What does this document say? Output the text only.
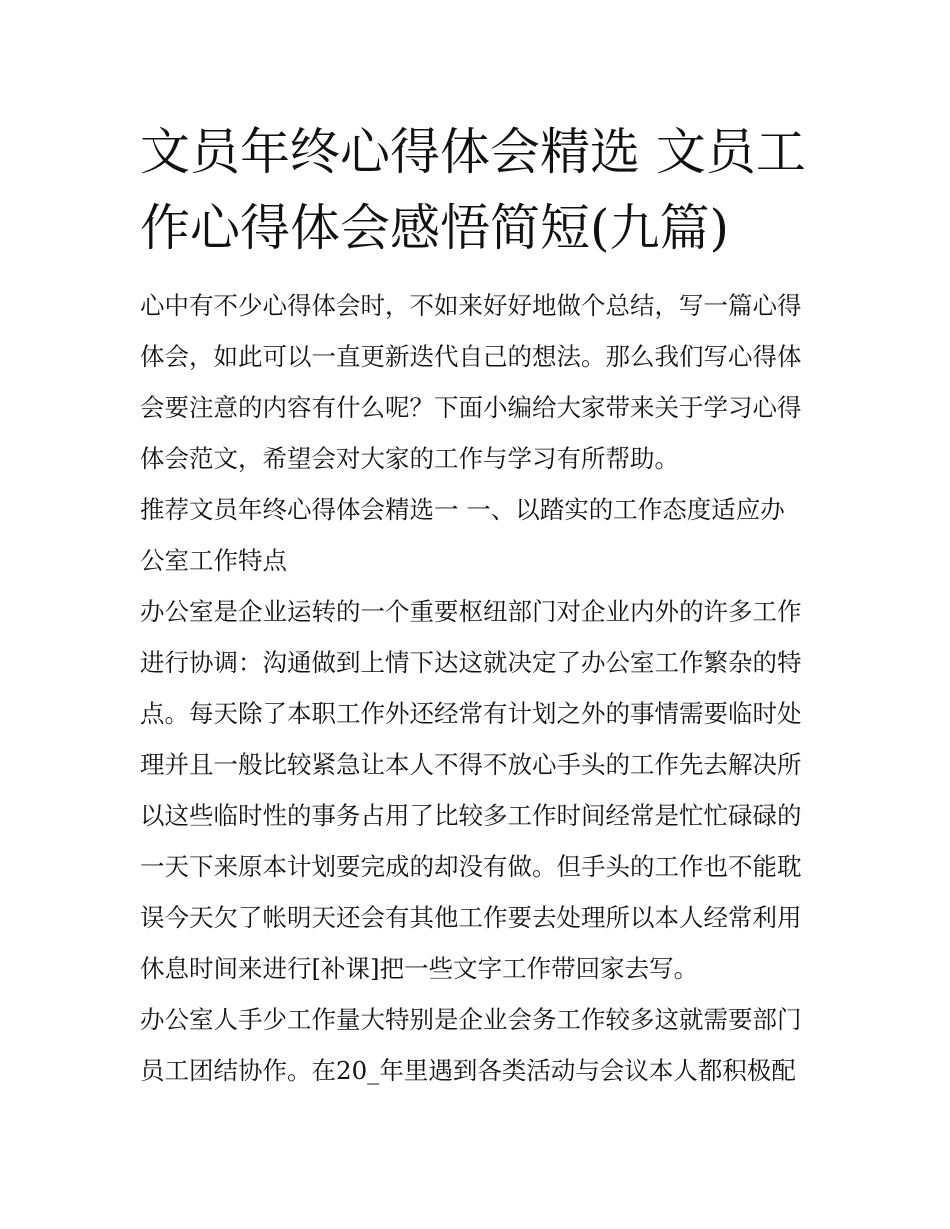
文员年终心得体会精选 文员工
作心得体会感悟简短(九篇)
心中有不少心得体会时，不如来好好地做个总结，写一篇心得
体会，如此可以一直更新迭代自己的想法。那么我们写心得体
会要注意的内容有什么呢？下面小编给大家带来关于学习心得
体会范文，希望会对大家的工作与学习有所帮助。
推荐文员年终心得体会精选一 一、以踏实的工作态度适应办
公室工作特点
办公室是企业运转的一个重要枢纽部门对企业内外的许多工作
进行协调：沟通做到上情下达这就决定了办公室工作繁杂的特
点。每天除了本职工作外还经常有计划之外的事情需要临时处
理并且一般比较紧急让本人不得不放心手头的工作先去解决所
以这些临时性的事务占用了比较多工作时间经常是忙忙碌碌的
一天下来原本计划要完成的却没有做。但手头的工作也不能耽
误今天欠了帐明天还会有其他工作要去处理所以本人经常利用
休息时间来进行[补课]把一些文字工作带回家去写。
办公室人手少工作量大特别是企业会务工作较多这就需要部门
员工团结协作。在20_年里遇到各类活动与会议本人都积极配
